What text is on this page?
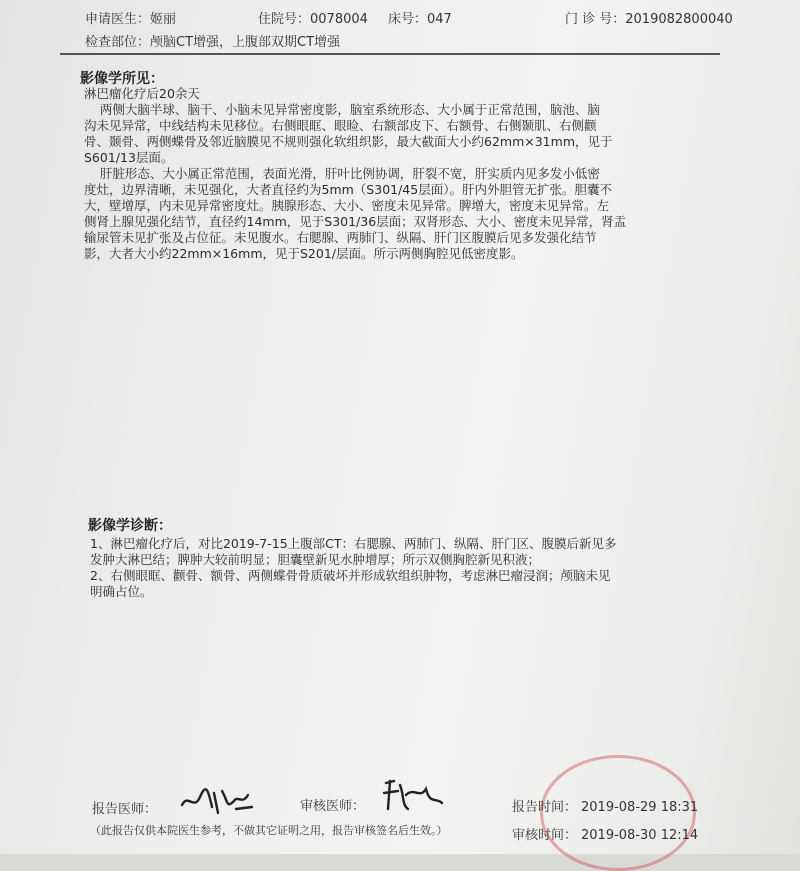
申请医生：姬丽	住院号：0078004 床号：047	门 诊 号：2019082800040
检查部位：颅脑CT增强，上腹部双期CT增强
影像学所见：

淋巴瘤化疗后20余天

两侧大脑半球、脑干、小脑未见异常密度影，脑室系统形态、大小属于正常范围，脑池、脑

沟未见异常，中线结构未见移位。右侧眼眶、眼睑、右额部皮下、右额骨、右侧颞肌、右侧颧

骨、颞骨、两侧蝶骨及邻近脑膜见不规则强化软组织影，最大截面大小约62mm×31mm，见于

S601/13层面。

肝脏形态、大小属正常范围，表面光滑，肝叶比例协调，肝裂不宽，肝实质内见多发小低密

度灶，边界清晰，未见强化，大者直径约为5mm（S301/45层面）。肝内外胆管无扩张。胆囊不

大，壁增厚，内未见异常密度灶。胰腺形态、大小、密度未见异常。脾增大，密度未见异常。左

侧肾上腺见强化结节，直径约14mm，见于S301/36层面；双肾形态、大小、密度未见异常，肾盂

输尿管未见扩张及占位征。未见腹水。右腮腺、两肺门、纵隔、肝门区腹膜后见多发强化结节

影，大者大小约22mm×16mm，见于S201/层面。所示两侧胸腔见低密度影。

影像学诊断：

1、淋巴瘤化疗后，对比2019-7-15上腹部CT：右腮腺、两肺门、纵隔、肝门区、腹膜后新见多

发肿大淋巴结；脾肿大较前明显；胆囊壁新见水肿增厚；所示双侧胸腔新见积液；

2、右侧眼眶、颧骨、额骨、两侧蝶骨骨质破坏并形成软组织肿物，考虑淋巴瘤浸润；颅脑未见

明确占位。

报告医师：	审核医师：	报告时间： 2019-08-29 18:31
（此报告仅供本院医生参考，不做其它证明之用，报告审核签名后生效。）	审核时间： 2019-08-30 12:14
